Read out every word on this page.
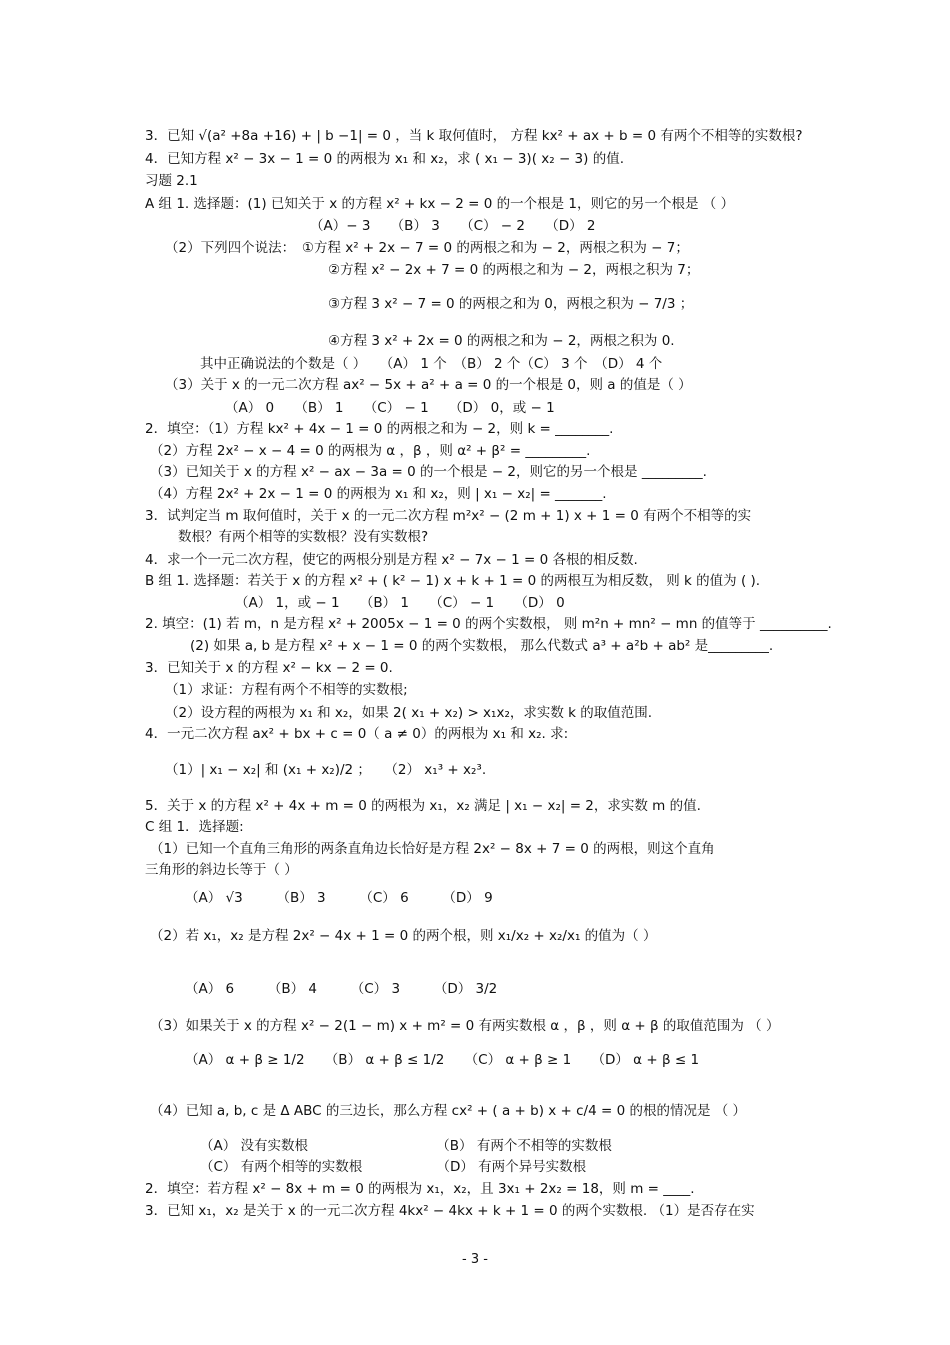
3．已知 √(a² +8a +16) + | b −1| = 0 ，当 k 取何值时， 方程 kx² + ax + b = 0 有两个不相等的实数根?
4．已知方程 x² − 3x − 1 = 0 的两根为 x₁ 和 x₂，求 ( x₁ − 3)( x₂ − 3) 的值.
习题 2.1
A 组 1. 选择题：(1) 已知关于 x 的方程 x² + kx − 2 = 0 的一个根是 1，则它的另一个根是 （ ）
（A）− 3　　（B） 3　　（C） − 2　　（D） 2
（2）下列四个说法：　①方程 x² + 2x − 7 = 0 的两根之和为 − 2，两根之积为 − 7；
②方程 x² − 2x + 7 = 0 的两根之和为 − 2，两根之积为 7；
③方程 3 x² − 7 = 0 的两根之和为 0，两根之积为 − 7/3 ；
④方程 3 x² + 2x = 0 的两根之和为 − 2，两根之积为 0.
其中正确说法的个数是（ ）　　（A） 1 个　（B） 2 个（C） 3 个　（D） 4 个
（3）关于 x 的一元二次方程 ax² − 5x + a² + a = 0 的一个根是 0，则 a 的值是（ ）
（A） 0　　（B） 1　　（C） − 1　　（D） 0，或 − 1
2．填空：（1）方程 kx² + 4x − 1 = 0 的两根之和为 − 2，则 k = ________.
（2）方程 2x² − x − 4 = 0 的两根为 α ，β ，则 α² + β² = _________.
（3）已知关于 x 的方程 x² − ax − 3a = 0 的一个根是 − 2，则它的另一个根是 _________.
（4）方程 2x² + 2x − 1 = 0 的两根为 x₁ 和 x₂，则 | x₁ − x₂| = _______.
3．试判定当 m 取何值时，关于 x 的一元二次方程 m²x² − (2 m + 1) x + 1 = 0 有两个不相等的实
数根？有两个相等的实数根？没有实数根?
4．求一个一元二次方程，使它的两根分别是方程 x² − 7x − 1 = 0 各根的相反数.
B 组 1. 选择题：若关于 x 的方程 x² + ( k² − 1) x + k + 1 = 0 的两根互为相反数， 则 k 的值为 ( ).
（A） 1，或 − 1　　（B） 1　　（C） − 1　　（D） 0
2. 填空：(1) 若 m，n 是方程 x² + 2005x − 1 = 0 的两个实数根， 则 m²n + mn² − mn 的值等于 __________.
(2) 如果 a, b 是方程 x² + x − 1 = 0 的两个实数根， 那么代数式 a³ + a²b + ab² 是_________.
3．已知关于 x 的方程 x² − kx − 2 = 0.
（1）求证：方程有两个不相等的实数根;
（2）设方程的两根为 x₁ 和 x₂，如果 2( x₁ + x₂) > x₁x₂，求实数 k 的取值范围.
4．一元二次方程 ax² + bx + c = 0（ a ≠ 0）的两根为 x₁ 和 x₂. 求:
（1）| x₁ − x₂| 和 (x₁ + x₂)/2 ；　　（2） x₁³ + x₂³.
5．关于 x 的方程 x² + 4x + m = 0 的两根为 x₁，x₂ 满足 | x₁ − x₂| = 2，求实数 m 的值.
C 组 1．选择题:
（1）已知一个直角三角形的两条直角边长恰好是方程 2x² − 8x + 7 = 0 的两根，则这个直角
三角形的斜边长等于（ ）
（A） √3　　　（B） 3　　　（C） 6　　　（D） 9
（2）若 x₁，x₂ 是方程 2x² − 4x + 1 = 0 的两个根，则 x₁/x₂ + x₂/x₁ 的值为（ ）
（A） 6　　　（B） 4　　　（C） 3　　　（D） 3/2
（3）如果关于 x 的方程 x² − 2(1 − m) x + m² = 0 有两实数根 α ，β ，则 α + β 的取值范围为 （ ）
（A） α + β ≥ 1/2　　（B） α + β ≤ 1/2　　（C） α + β ≥ 1　　（D） α + β ≤ 1
（4）已知 a, b, c 是 Δ ABC 的三边长，那么方程 cx² + ( a + b) x + c/4 = 0 的根的情况是 （ ）
（A） 没有实数根　　　　　　　　　　（B） 有两个不相等的实数根
（C） 有两个相等的实数根　　　　　　（D） 有两个异号实数根
2．填空：若方程 x² − 8x + m = 0 的两根为 x₁，x₂，且 3x₁ + 2x₂ = 18，则 m = ____.
3．已知 x₁，x₂ 是关于 x 的一元二次方程 4kx² − 4kx + k + 1 = 0 的两个实数根. （1）是否存在实
- 3 -
